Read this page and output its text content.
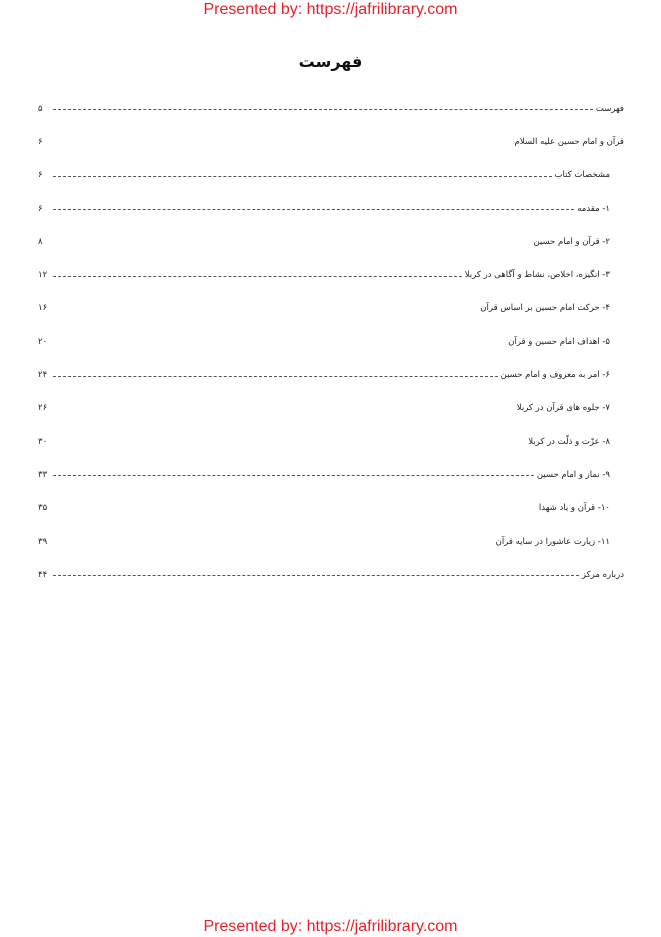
Presented by: https://jafrilibrary.com
فهرست
فهرست
۵
قرآن و امام حسین علیه السلام
۶
مشخصات کتاب
۶
۱- مقدمه
۶
۲- قرآن و امام حسین
۸
۳- انگیزه، اخلاص، نشاط و آگاهی در کربلا
۱۲
۴- حرکت امام حسین بر اساس قرآن
۱۶
۵- اهداف امام حسین و قرآن
۲۰
۶- امر به معروف و امام حسین
۲۴
۷- جلوه های قرآن در کربلا
۲۶
۸- عزّت و ذلّت در کربلا
۳۰
۹- نماز و امام حسین
۳۳
۱۰- قرآن و یاد شهدا
۳۵
۱۱- زیارت عاشورا در سایه قرآن
۳۹
درباره مرکز
۴۴
Presented by: https://jafrilibrary.com
